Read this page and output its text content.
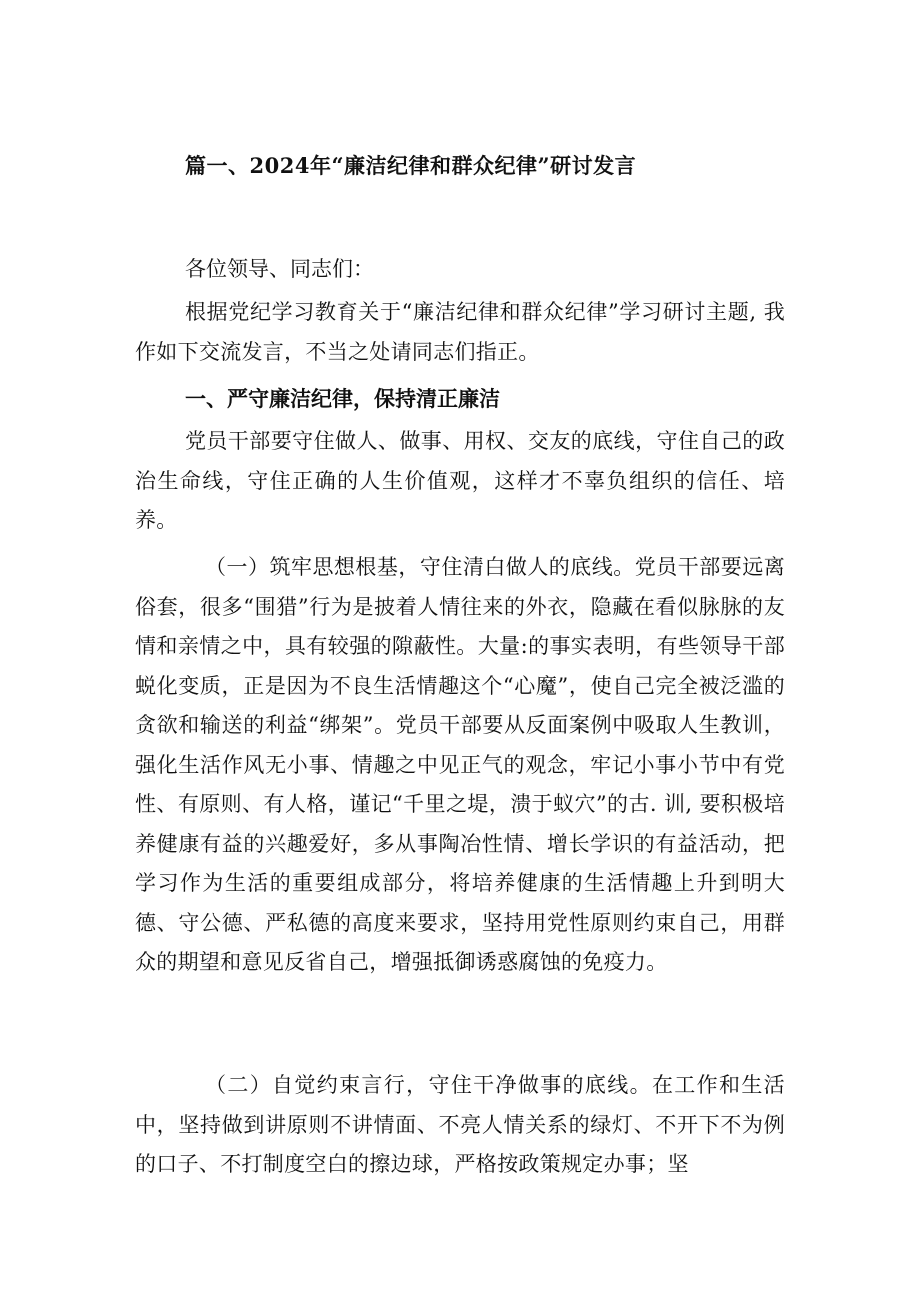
篇一、2024年“廉洁纪律和群众纪律”研讨发言
各位领导、同志们：
根据党纪学习教育关于“廉洁纪律和群众纪律”学习研讨主题, 我作如下交流发言，不当之处请同志们指正。
一、严守廉洁纪律，保持清正廉洁
党员干部要守住做人、做事、用权、交友的底线，守住自己的政治生命线，守住正确的人生价值观，这样才不辜负组织的信任、培养。
（一）筑牢思想根基，守住清白做人的底线。党员干部要远离俗套，很多“围猎”行为是披着人情往来的外衣，隐藏在看似脉脉的友情和亲情之中，具有较强的隙蔽性。大量:的事实表明，有些领导干部蜕化变质，正是因为不良生活情趣这个“心魔”，使自己完全被泛滥的贪欲和输送的利益“绑架”。党员干部要从反面案例中吸取人生教训，强化生活作风无小事、情趣之中见正气的观念，牢记小事小节中有党性、有原则、有人格，谨记“千里之堤，溃于蚁穴”的古. 训, 要积极培养健康有益的兴趣爱好，多从事陶冶性情、增长学识的有益活动，把学习作为生活的重要组成部分，将培养健康的生活情趣上升到明大德、守公德、严私德的高度来要求，坚持用党性原则约束自己，用群众的期望和意见反省自己，增强抵御诱惑腐蚀的免疫力。
（二）自觉约束言行，守住干净做事的底线。在工作和生活中，坚持做到讲原则不讲情面、不亮人情关系的绿灯、不开下不为例的口子、不打制度空白的擦边球，严格按政策规定办事；坚
